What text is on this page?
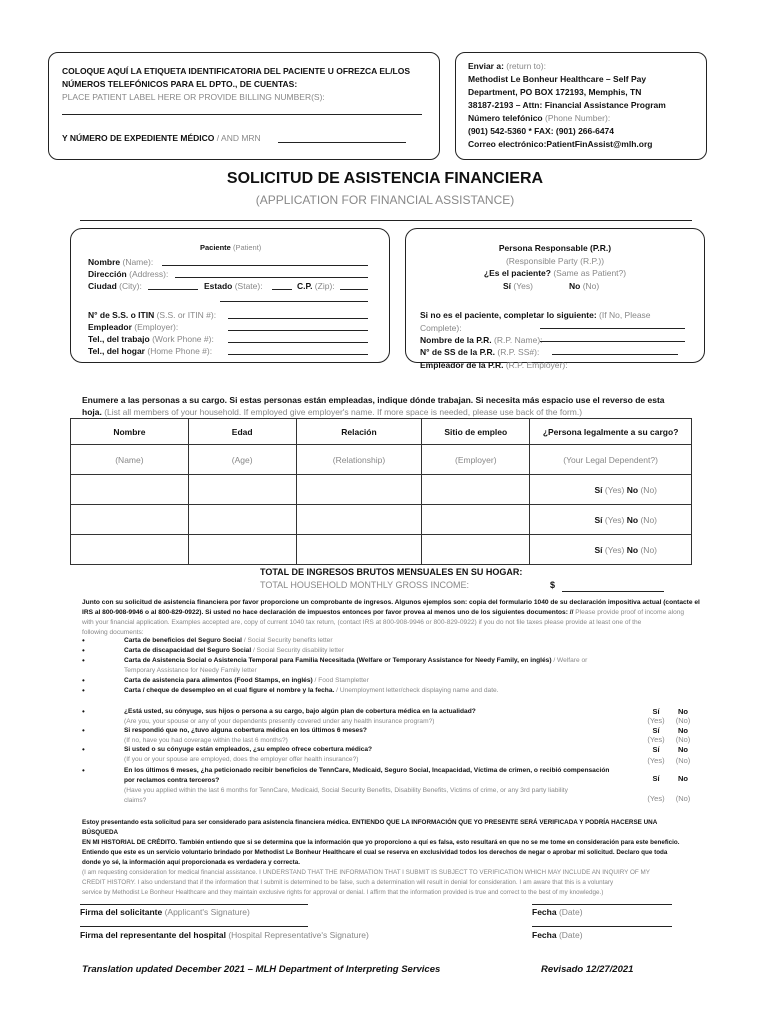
COLOQUE AQUÍ LA ETIQUETA IDENTIFICATORIA DEL PACIENTE U OFREZCA EL/LOS
NÚMEROS TELEFÓNICOS PARA EL DPTO., DE CUENTAS:
PLACE PATIENT LABEL HERE OR PROVIDE BILLING NUMBER(S):
Y NÚMERO DE EXPEDIENTE MÉDICO / AND MRN
Enviar a: (return to):
Methodist Le Bonheur Healthcare – Self Pay
Department, PO BOX 172193, Memphis, TN
38187-2193 – Attn: Financial Assistance Program
Número telefónico (Phone Number):
(901) 542-5360 * FAX: (901) 266-6474
Correo electrónico:PatientFinAssist@mlh.org
SOLICITUD DE ASISTENCIA FINANCIERA
(APPLICATION FOR FINANCIAL ASSISTANCE)
Paciente (Patient)
Nombre (Name):
Dirección (Address):
Ciudad (City):	Estado (State):	C.P. (Zip):
N° de S.S. o ITIN (S.S. or ITIN #):
Empleador (Employer):
Tel., del trabajo (Work Phone #):
Tel., del hogar (Home Phone #):
Persona Responsable (P.R.)
(Responsible Party (R.P.))
¿Es el paciente? (Same as Patient?)
Sí (Yes)	No (No)
Si no es el paciente, completar lo siguiente: (If No, Please
Complete):
Nombre de la P.R. (R.P. Name):
N° de SS de la P.R. (R.P. SS#):
Empleador de la P.R. (R.P. Employer):
Enumere a las personas a su cargo. Si estas personas están empleadas, indique dónde trabajan. Si necesita más espacio use el reverso de esta
hoja. (List all members of your household. If employed give employer's name. If more space is needed, please use back of the form.)
Nombre	Edad	Relación	Sitio de empleo	¿Persona legalmente a su cargo?
(Name)	(Age)	(Relationship)	(Employer)	(Your Legal Dependent?)
				Sí (Yes) No (No)
				Sí (Yes) No (No)
				Sí (Yes) No (No)
TOTAL DE INGRESOS BRUTOS MENSUALES EN SU HOGAR:
TOTAL HOUSEHOLD MONTHLY GROSS INCOME:	$
Junto con su solicitud de asistencia financiera por favor proporcione un comprobante de ingresos. Algunos ejemplos son: copia del formulario 1040 de su declaración impositiva actual (contacte el
IRS al 800-908-9946 o al 800-829-0922). Si usted no hace declaración de impuestos entonces por favor provea al menos uno de los siguientes documentos: // Please provide proof of income along
with your financial application. Examples accepted are, copy of current 1040 tax return, (contact IRS at 800-908-9946 or 800-829-0922) if you do not file taxes please provide at least one of the
following documents:
•	Carta de beneficios del Seguro Social / Social Security benefits letter
•	Carta de discapacidad del Seguro Social / Social Security disability letter
•	Carta de Asistencia Social o Asistencia Temporal para Familia Necesitada (Welfare or Temporary Assistance for Needy Family, en inglés) / Welfare or
Temporary Assistance for Needy Family letter
•	Carta de asistencia para alimentos (Food Stamps, en inglés) / Food Stampletter
•	Carta / cheque de desempleo en el cual figure el nombre y la fecha. / Unemployment letter/check displaying name and date.
•	¿Está usted, su cónyuge, sus hijos o persona a su cargo, bajo algún plan de cobertura médica en la actualidad?
(Are you, your spouse or any of your dependents presently covered under any health insurance program?)
Sí	No
(Yes)	(No)
•	Si respondió que no, ¿tuvo alguna cobertura médica en los últimos 6 meses?
(If no, have you had coverage within the last 6 months?)
Sí	No
(Yes)	(No)
•	Si usted o su cónyuge están empleados, ¿su empleo ofrece cobertura médica?
(If you or your spouse are employed, does the employer offer health insurance?)
Sí	No
(Yes)	(No)
•	En los últimos 6 meses, ¿ha peticionado recibir beneficios de TennCare, Medicaid, Seguro Social, Incapacidad, Víctima de crimen, o recibió compensación
por reclamos contra terceros?
(Have you applied within the last 6 months for TennCare, Medicaid, Social Security Benefits, Disability Benefits, Victims of crime, or any 3rd party liability
claims?
Sí	No
(Yes)	(No)
Estoy presentando esta solicitud para ser considerado para asistencia financiera médica. ENTIENDO QUE LA INFORMACIÓN QUE YO PRESENTE SERÁ VERIFICADA Y PODRÍA HACERSE UNA BÚSQUEDA
EN MI HISTORIAL DE CRÉDITO. También entiendo que si se determina que la información que yo proporciono a quí es falsa, esto resultará en que no se me tome en consideración para este beneficio.
Entiendo que este es un servicio voluntario brindado por Methodist Le Bonheur Healthcare el cual se reserva en exclusividad todos los derechos de negar o aprobar mi solicitud. Declaro que toda
donde yo sé, la información aquí proporcionada es verdadera y correcta.
(I am requesting consideration for medical financial assistance. I UNDERSTAND THAT THE INFORMATION THAT I SUBMIT IS SUBJECT TO VERIFICATION WHICH MAY INCLUDE AN INQUIRY OF MY
CREDIT HISTORY. I also understand that if the information that I submit is determined to be false, such a determination will result in denial for consideration. I am aware that this is a voluntary
service by Methodist Le Bonheur Healthcare and they maintain exclusive rights for approval or denial. I affirm that the information provided is true and correct to the best of my knowledge.)
Firma del solicitante (Applicant's Signature)	Fecha (Date)
Firma del representante del hospital (Hospital Representative's Signature)	Fecha (Date)
Translation updated December 2021 – MLH Department of Interpreting Services	Revisado 12/27/2021
